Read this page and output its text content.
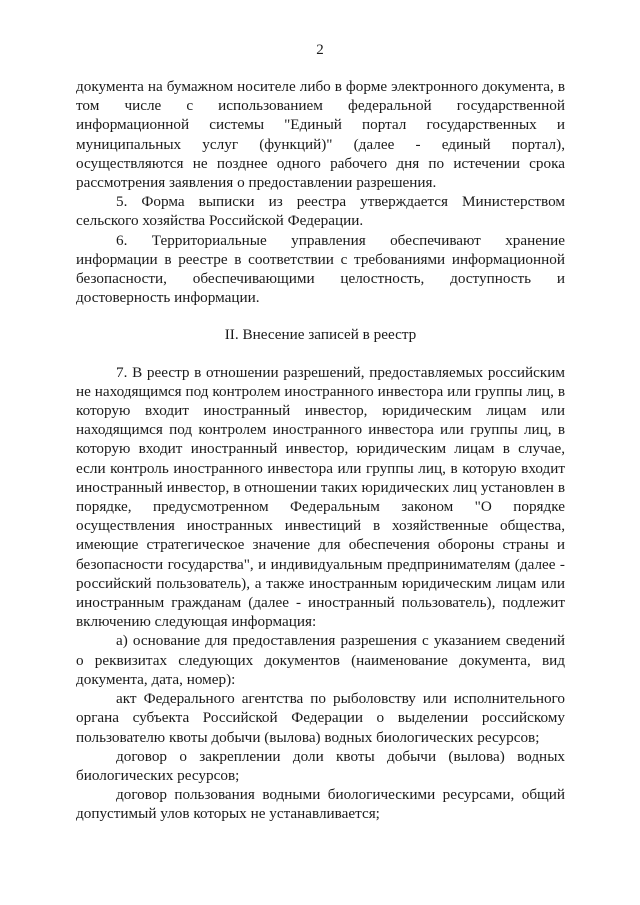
2

документа на бумажном носителе либо в форме электронного документа, в том числе с использованием федеральной государственной информационной системы "Единый портал государственных и муниципальных услуг (функций)" (далее - единый портал), осуществляются не позднее одного рабочего дня по истечении срока рассмотрения заявления о предоставлении разрешения.

5. Форма выписки из реестра утверждается Министерством сельского хозяйства Российской Федерации.

6. Территориальные управления обеспечивают хранение информации в реестре в соответствии с требованиями информационной безопасности, обеспечивающими целостность, доступность и достоверность информации.

II. Внесение записей в реестр

7. В реестр в отношении разрешений, предоставляемых российским не находящимся под контролем иностранного инвестора или группы лиц, в которую входит иностранный инвестор, юридическим лицам или находящимся под контролем иностранного инвестора или группы лиц, в которую входит иностранный инвестор, юридическим лицам в случае, если контроль иностранного инвестора или группы лиц, в которую входит иностранный инвестор, в отношении таких юридических лиц установлен в порядке, предусмотренном Федеральным законом "О порядке осуществления иностранных инвестиций в хозяйственные общества, имеющие стратегическое значение для обеспечения обороны страны и безопасности государства", и индивидуальным предпринимателям (далее - российский пользователь), а также иностранным юридическим лицам или иностранным гражданам (далее - иностранный пользователь), подлежит включению следующая информация:

а) основание для предоставления разрешения с указанием сведений о реквизитах следующих документов (наименование документа, вид документа, дата, номер):

акт Федерального агентства по рыболовству или исполнительного органа субъекта Российской Федерации о выделении российскому пользователю квоты добычи (вылова) водных биологических ресурсов;

договор о закреплении доли квоты добычи (вылова) водных биологических ресурсов;

договор пользования водными биологическими ресурсами, общий допустимый улов которых не устанавливается;
